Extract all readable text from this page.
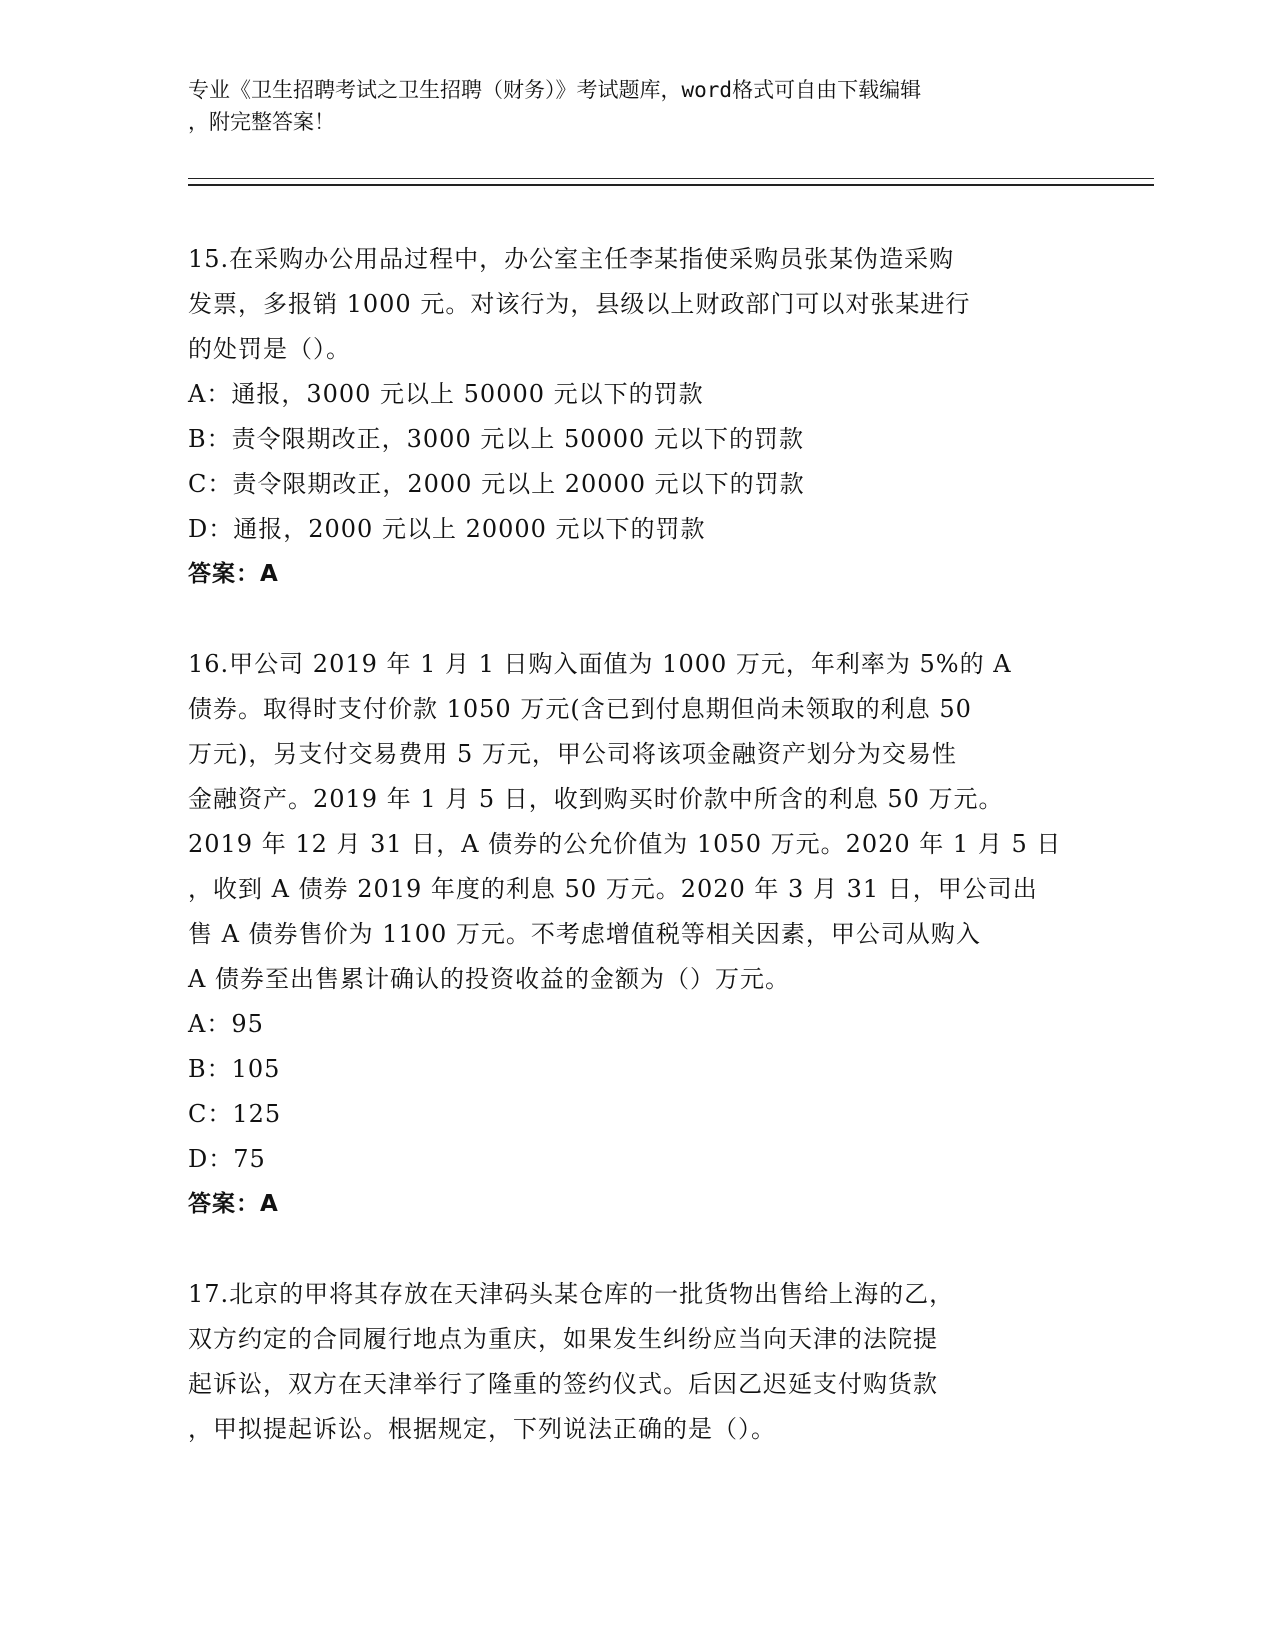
专业《卫生招聘考试之卫生招聘（财务）》考试题库，word格式可自由下载编辑
，附完整答案！

15.在采购办公用品过程中，办公室主任李某指使采购员张某伪造采购

发票，多报销 1000 元。对该行为，县级以上财政部门可以对张某进行

的处罚是（）。

A：通报，3000 元以上 50000 元以下的罚款

B：责令限期改正，3000 元以上 50000 元以下的罚款

C：责令限期改正，2000 元以上 20000 元以下的罚款

D：通报，2000 元以上 20000 元以下的罚款

答案：A

16.甲公司 2019 年 1 月 1 日购入面值为 1000 万元，年利率为 5%的 A

债券。取得时支付价款 1050 万元(含已到付息期但尚未领取的利息 50

万元)，另支付交易费用 5 万元，甲公司将该项金融资产划分为交易性

金融资产。2019 年 1 月 5 日，收到购买时价款中所含的利息 50 万元。

2019 年 12 月 31 日，A 债券的公允价值为 1050 万元。2020 年 1 月 5 日

，收到 A 债券 2019 年度的利息 50 万元。2020 年 3 月 31 日，甲公司出

售 A 债券售价为 1100 万元。不考虑增值税等相关因素，甲公司从购入

A 债券至出售累计确认的投资收益的金额为（）万元。

A：95

B：105

C：125

D：75

答案：A

17.北京的甲将其存放在天津码头某仓库的一批货物出售给上海的乙，

双方约定的合同履行地点为重庆，如果发生纠纷应当向天津的法院提

起诉讼，双方在天津举行了隆重的签约仪式。后因乙迟延支付购货款

，甲拟提起诉讼。根据规定，下列说法正确的是（）。
